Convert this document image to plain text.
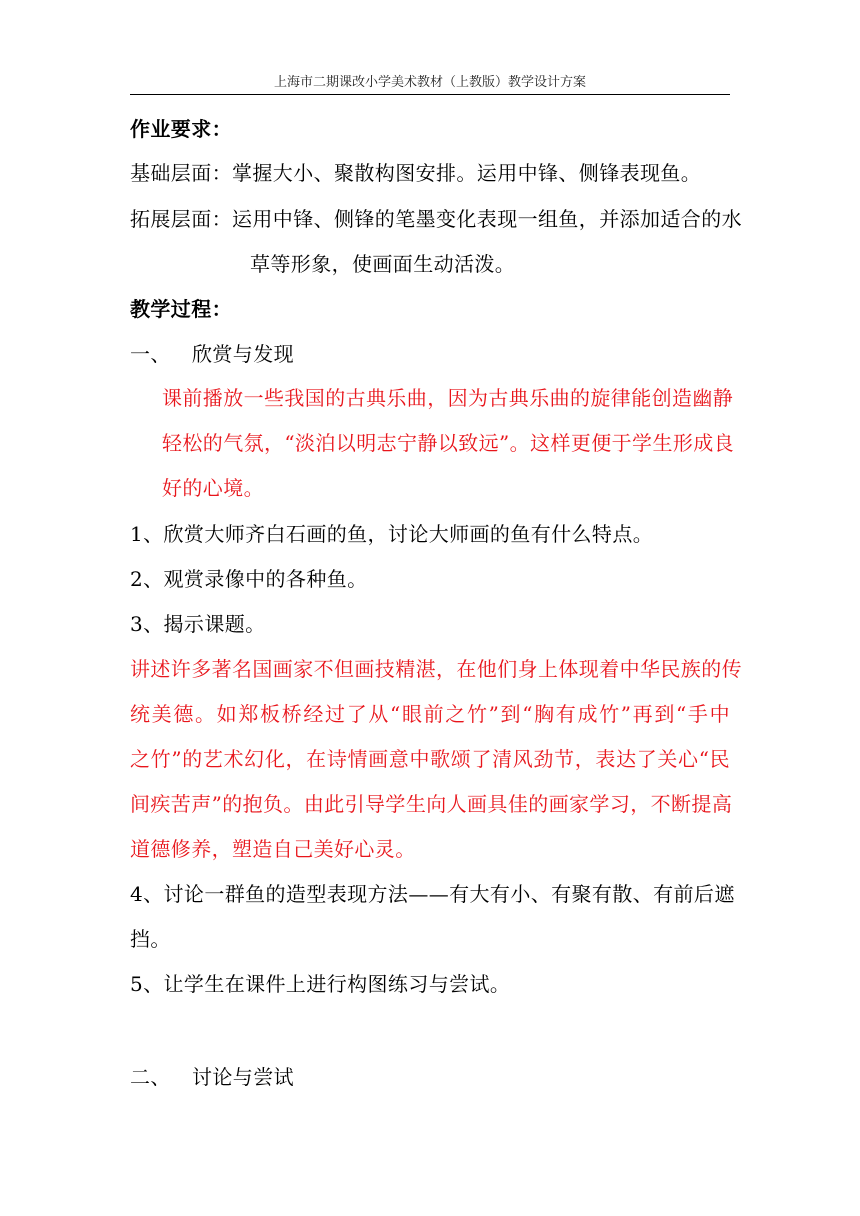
上海市二期课改小学美术教材（上教版）教学设计方案
作业要求：
基础层面：掌握大小、聚散构图安排。运用中锋、侧锋表现鱼。
拓展层面：运用中锋、侧锋的笔墨变化表现一组鱼，并添加适合的水
草等形象，使画面生动活泼。
教学过程：
一、 欣赏与发现
课前播放一些我国的古典乐曲，因为古典乐曲的旋律能创造幽静
轻松的气氛，“淡泊以明志宁静以致远”。这样更便于学生形成良
好的心境。
1、欣赏大师齐白石画的鱼，讨论大师画的鱼有什么特点。
2、观赏录像中的各种鱼。
3、揭示课题。
讲述许多著名国画家不但画技精湛，在他们身上体现着中华民族的传
统美德。如郑板桥经过了从“眼前之竹”到“胸有成竹”再到“手中
之竹”的艺术幻化，在诗情画意中歌颂了清风劲节，表达了关心“民
间疾苦声”的抱负。由此引导学生向人画具佳的画家学习，不断提高
道德修养，塑造自己美好心灵。
4、讨论一群鱼的造型表现方法——有大有小、有聚有散、有前后遮
挡。
5、让学生在课件上进行构图练习与尝试。
二、 讨论与尝试
